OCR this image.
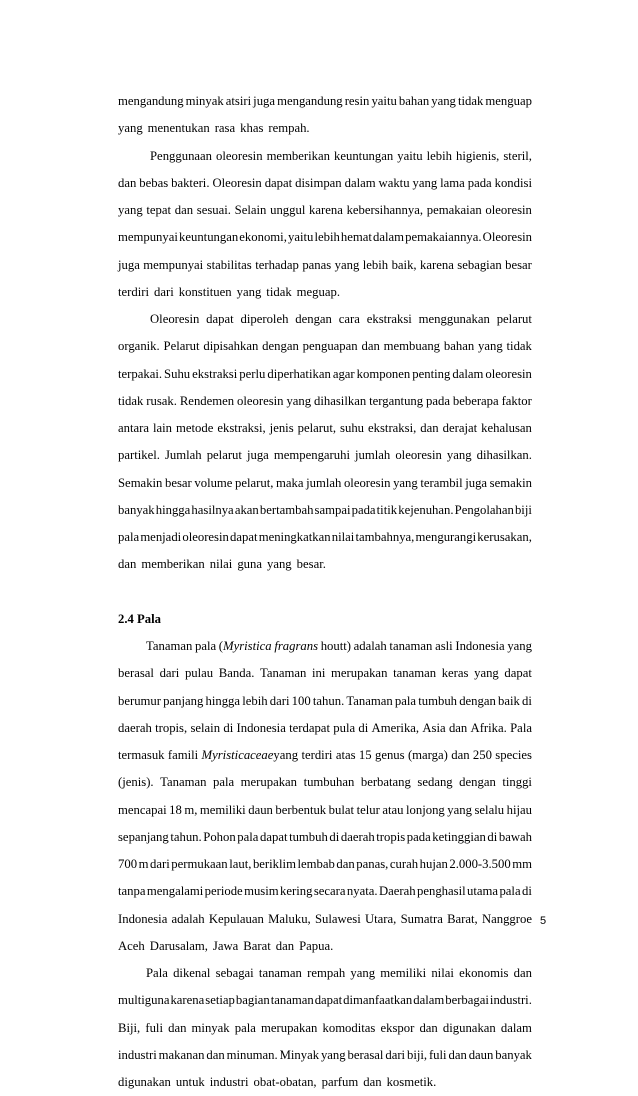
mengandung minyak atsiri juga mengandung resin yaitu bahan yang tidak menguap
yang menentukan rasa khas rempah.
Penggunaan oleoresin memberikan keuntungan yaitu lebih higienis, steril,
dan bebas bakteri. Oleoresin dapat disimpan dalam waktu yang lama pada kondisi
yang tepat dan sesuai. Selain unggul karena kebersihannya, pemakaian oleoresin
mempunyai keuntungan ekonomi, yaitu lebih hemat dalam pemakaiannya. Oleoresin
juga mempunyai stabilitas terhadap panas yang lebih baik, karena sebagian besar
terdiri dari konstituen yang tidak meguap.
Oleoresin dapat diperoleh dengan cara ekstraksi menggunakan pelarut
organik. Pelarut dipisahkan dengan penguapan dan membuang bahan yang tidak
terpakai. Suhu ekstraksi perlu diperhatikan agar komponen penting dalam oleoresin
tidak rusak. Rendemen oleoresin yang dihasilkan tergantung pada beberapa faktor
antara lain metode ekstraksi, jenis pelarut, suhu ekstraksi, dan derajat kehalusan
partikel. Jumlah pelarut juga mempengaruhi jumlah oleoresin yang dihasilkan.
Semakin besar volume pelarut, maka jumlah oleoresin yang terambil juga semakin
banyak hingga hasilnya akan bertambah sampai pada titik kejenuhan. Pengolahan biji
pala menjadi oleoresin dapat meningkatkan nilai tambahnya, mengurangi kerusakan,
dan memberikan nilai guna yang besar.
2.4 Pala
Tanaman pala (Myristica fragrans houtt) adalah tanaman asli Indonesia yang
berasal dari pulau Banda. Tanaman ini merupakan tanaman keras yang dapat
berumur panjang hingga lebih dari 100 tahun. Tanaman pala tumbuh dengan baik di
daerah tropis, selain di Indonesia terdapat pula di Amerika, Asia dan Afrika. Pala
termasuk famili Myristicaceaeyang terdiri atas 15 genus (marga) dan 250 species
(jenis). Tanaman pala merupakan tumbuhan berbatang sedang dengan tinggi
mencapai 18 m, memiliki daun berbentuk bulat telur atau lonjong yang selalu hijau
sepanjang tahun. Pohon pala dapat tumbuh di daerah tropis pada ketinggian di bawah
700 m dari permukaan laut, beriklim lembab dan panas, curah hujan 2.000-3.500 mm
tanpa mengalami periode musim kering secara nyata. Daerah penghasil utama pala di
Indonesia adalah Kepulauan Maluku, Sulawesi Utara, Sumatra Barat, Nanggroe
Aceh Darusalam, Jawa Barat dan Papua.
Pala dikenal sebagai tanaman rempah yang memiliki nilai ekonomis dan
multiguna karena setiap bagian tanaman dapat dimanfaatkan dalam berbagai industri.
Biji, fuli dan minyak pala merupakan komoditas ekspor dan digunakan dalam
industri makanan dan minuman. Minyak yang berasal dari biji, fuli dan daun banyak
digunakan untuk industri obat-obatan, parfum dan kosmetik.
5
